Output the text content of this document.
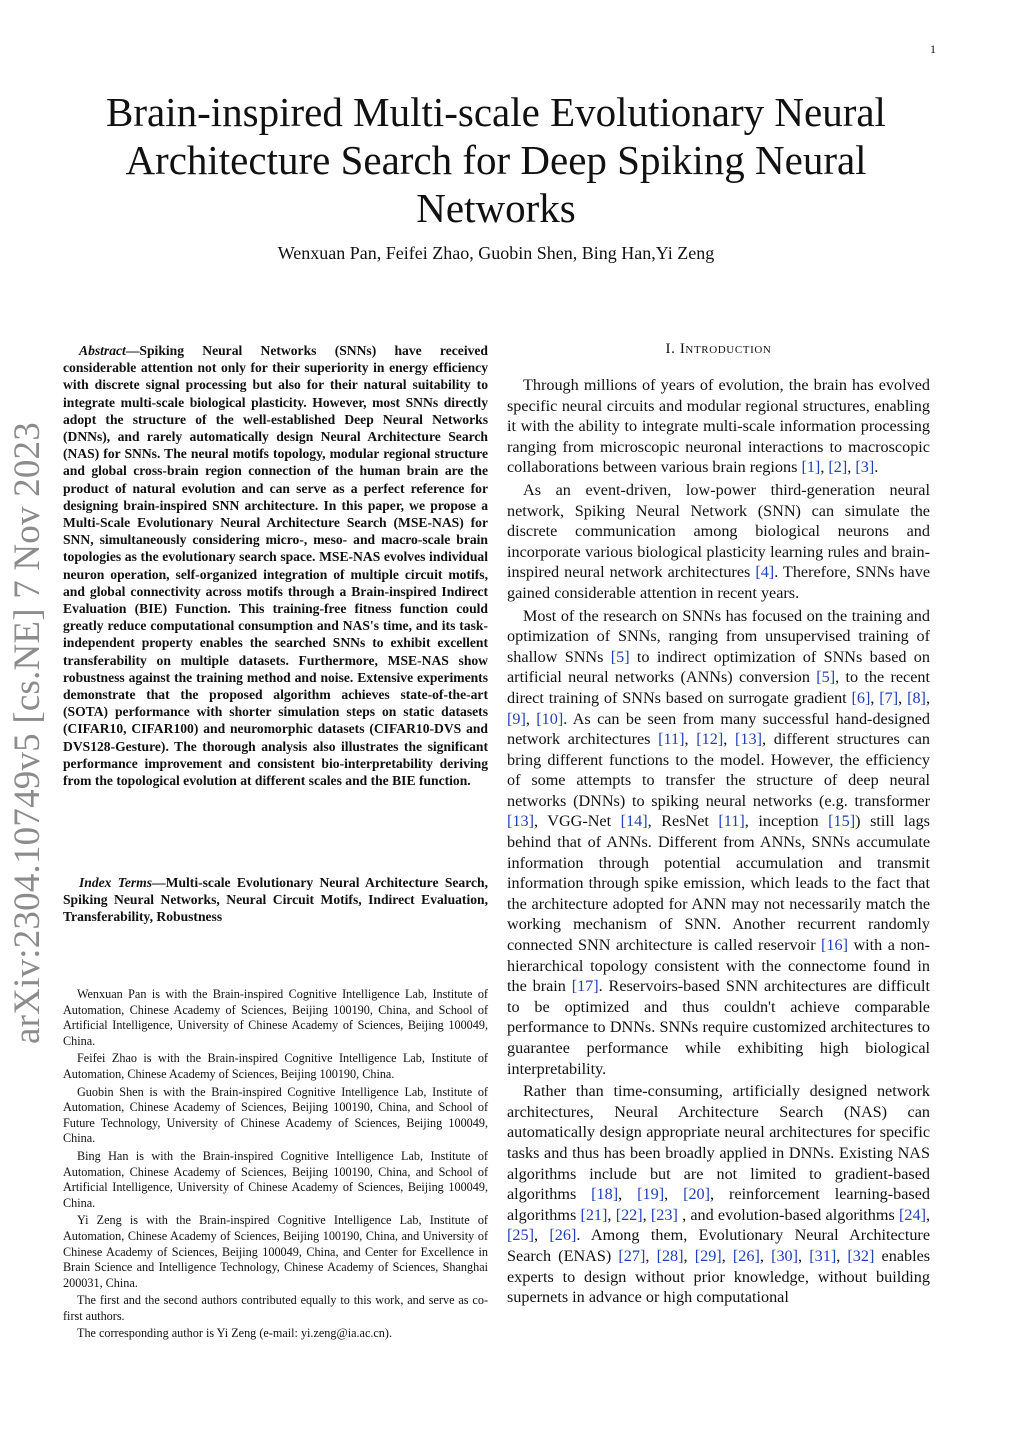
1
arXiv:2304.10749v5 [cs.NE] 7 Nov 2023
Brain-inspired Multi-scale Evolutionary Neural Architecture Search for Deep Spiking Neural Networks
Wenxuan Pan, Feifei Zhao, Guobin Shen, Bing Han,Yi Zeng

Abstract—Spiking Neural Networks (SNNs) have received considerable attention not only for their superiority in energy efficiency with discrete signal processing but also for their natural suitability to integrate multi-scale biological plasticity. However, most SNNs directly adopt the structure of the well-established Deep Neural Networks (DNNs), and rarely automatically design Neural Architecture Search (NAS) for SNNs. The neural motifs topology, modular regional structure and global cross-brain region connection of the human brain are the product of natural evolution and can serve as a perfect reference for designing brain-inspired SNN architecture. In this paper, we propose a Multi-Scale Evolutionary Neural Architecture Search (MSE-NAS) for SNN, simultaneously considering micro-, meso- and macro-scale brain topologies as the evolutionary search space. MSE-NAS evolves individual neuron operation, self-organized integration of multiple circuit motifs, and global connectivity across motifs through a Brain-inspired Indirect Evaluation (BIE) Function. This training-free fitness function could greatly reduce computational consumption and NAS's time, and its task-independent property enables the searched SNNs to exhibit excellent transferability on multiple datasets. Furthermore, MSE-NAS show robustness against the training method and noise. Extensive experiments demonstrate that the proposed algorithm achieves state-of-the-art (SOTA) performance with shorter simulation steps on static datasets (CIFAR10, CIFAR100) and neuromorphic datasets (CIFAR10-DVS and DVS128-Gesture). The thorough analysis also illustrates the significant performance improvement and consistent bio-interpretability deriving from the topological evolution at different scales and the BIE function.

Index Terms—Multi-scale Evolutionary Neural Architecture Search, Spiking Neural Networks, Neural Circuit Motifs, Indirect Evaluation, Transferability, Robustness

Wenxuan Pan is with the Brain-inspired Cognitive Intelligence Lab, Institute of Automation, Chinese Academy of Sciences, Beijing 100190, China, and School of Artificial Intelligence, University of Chinese Academy of Sciences, Beijing 100049, China.

Feifei Zhao is with the Brain-inspired Cognitive Intelligence Lab, Institute of Automation, Chinese Academy of Sciences, Beijing 100190, China.

Guobin Shen is with the Brain-inspired Cognitive Intelligence Lab, Institute of Automation, Chinese Academy of Sciences, Beijing 100190, China, and School of Future Technology, University of Chinese Academy of Sciences, Beijing 100049, China.

Bing Han is with the Brain-inspired Cognitive Intelligence Lab, Institute of Automation, Chinese Academy of Sciences, Beijing 100190, China, and School of Artificial Intelligence, University of Chinese Academy of Sciences, Beijing 100049, China.

Yi Zeng is with the Brain-inspired Cognitive Intelligence Lab, Institute of Automation, Chinese Academy of Sciences, Beijing 100190, China, and University of Chinese Academy of Sciences, Beijing 100049, China, and Center for Excellence in Brain Science and Intelligence Technology, Chinese Academy of Sciences, Shanghai 200031, China.

The first and the second authors contributed equally to this work, and serve as co-first authors.

The corresponding author is Yi Zeng (e-mail: yi.zeng@ia.ac.cn).

I. Introduction

Through millions of years of evolution, the brain has evolved specific neural circuits and modular regional structures, enabling it with the ability to integrate multi-scale information processing ranging from microscopic neuronal interactions to macroscopic collaborations between various brain regions [1], [2], [3].

As an event-driven, low-power third-generation neural network, Spiking Neural Network (SNN) can simulate the discrete communication among biological neurons and incorporate various biological plasticity learning rules and brain-inspired neural network architectures [4]. Therefore, SNNs have gained considerable attention in recent years.

Most of the research on SNNs has focused on the training and optimization of SNNs, ranging from unsupervised training of shallow SNNs [5] to indirect optimization of SNNs based on artificial neural networks (ANNs) conversion [5], to the recent direct training of SNNs based on surrogate gradient [6], [7], [8], [9], [10]. As can be seen from many successful hand-designed network architectures [11], [12], [13], different structures can bring different functions to the model. However, the efficiency of some attempts to transfer the structure of deep neural networks (DNNs) to spiking neural networks (e.g. transformer [13], VGG-Net [14], ResNet [11], inception [15]) still lags behind that of ANNs. Different from ANNs, SNNs accumulate information through potential accumulation and transmit information through spike emission, which leads to the fact that the architecture adopted for ANN may not necessarily match the working mechanism of SNN. Another recurrent randomly connected SNN architecture is called reservoir [16] with a non-hierarchical topology consistent with the connectome found in the brain [17]. Reservoirs-based SNN architectures are difficult to be optimized and thus couldn't achieve comparable performance to DNNs. SNNs require customized architectures to guarantee performance while exhibiting high biological interpretability.

Rather than time-consuming, artificially designed network architectures, Neural Architecture Search (NAS) can automatically design appropriate neural architectures for specific tasks and thus has been broadly applied in DNNs. Existing NAS algorithms include but are not limited to gradient-based algorithms [18], [19], [20], reinforcement learning-based algorithms [21], [22], [23] , and evolution-based algorithms [24], [25], [26]. Among them, Evolutionary Neural Architecture Search (ENAS) [27], [28], [29], [26], [30], [31], [32] enables experts to design without prior knowledge, without building supernets in advance or high computational
